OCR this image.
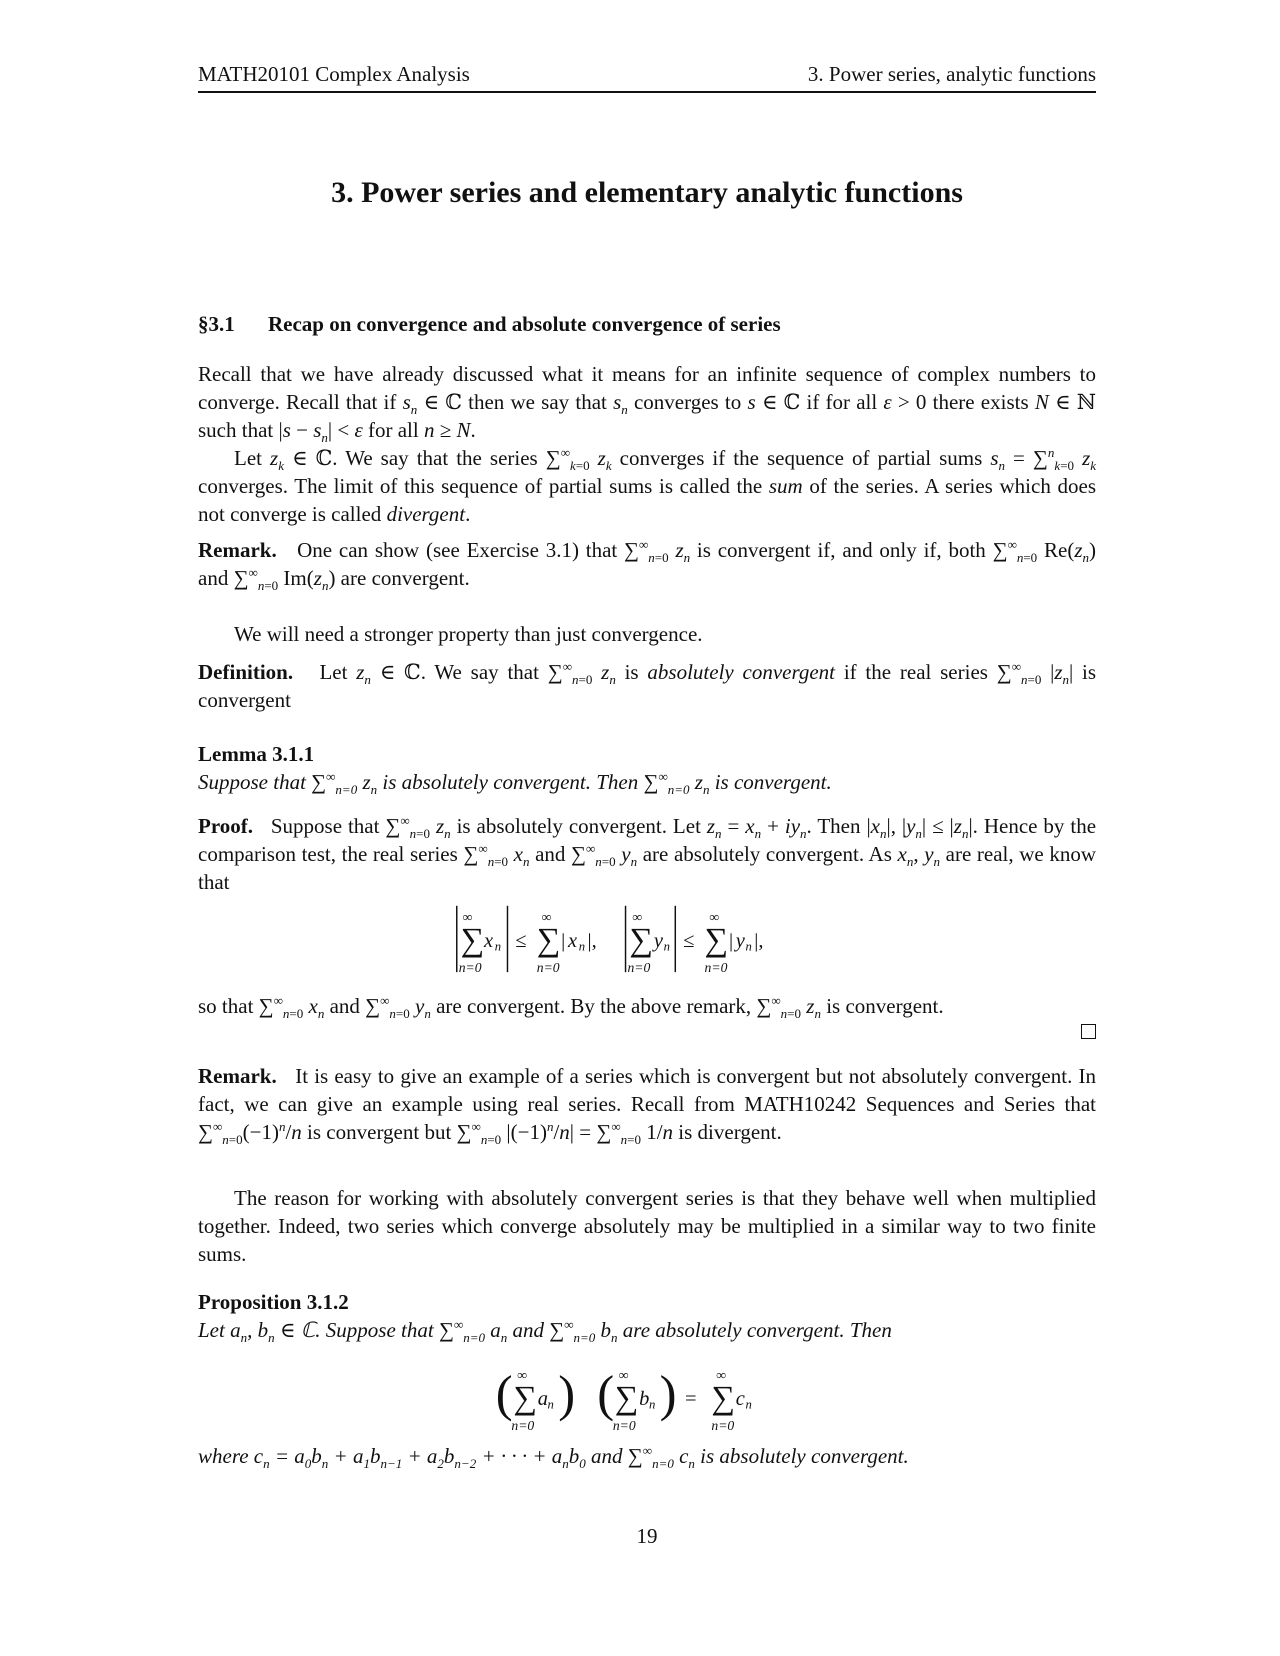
MATH20101 Complex Analysis	3. Power series, analytic functions
3. Power series and elementary analytic functions
§3.1 Recap on convergence and absolute convergence of series
Recall that we have already discussed what it means for an infinite sequence of complex numbers to converge. Recall that if $s_n$ ∈ ℂ then we say that $s_n$ converges to s ∈ ℂ if for all ε > 0 there exists N ∈ ℕ such that $|s - s_n| < \varepsilon$ for all n ≥ N.
Let $z_k$ ∈ ℂ. We say that the series $\sum^\infty_{k=0}$ $z_k$ converges if the sequence of partial sums $s_n = \sum^n_{k=0}$ $z_k$ converges. The limit of this sequence of partial sums is called the sum of the series. A series which does not converge is called divergent.
Remark.   One can show (see Exercise 3.1) that $\sum^\infty_{n=0}$ $z_n$ is convergent if, and only if, both $\sum^\infty_{n=0}$ $Re(z_n)$ and $\sum^\infty_{n=0}$ $Im(z_n)$ are convergent.
We will need a stronger property than just convergence.
Definition.   Let $z_n$ ∈ ℂ. We say that $\sum^\infty_{n=0}$ $z_n$ is absolutely convergent if the real series $\sum^\infty_{n=0}$ $|z_n|$ is convergent
Lemma 3.1.1
Suppose that $\sum^\infty_{n=0}$ $z_n$ is absolutely convergent. Then $\sum^\infty_{n=0}$ $z_n$ is convergent.
Proof.   Suppose that $\sum^\infty_{n=0}$ $z_n$ is absolutely convergent. Let $z_n = x_n + iy_n$. Then $|x_n|$, $|y_n| \le |z_n|$. Hence by the comparison test, the real series $\sum^\infty_{n=0}$ $x_n$ and $\sum^\infty_{n=0}$ $y_n$ are absolutely convergent. As $x_n$, $y_n$ are real, we know that
∞
∑ x n
n=0
≤
∞
∑ | x n |,
n=0
∞
∑ y n
n=0
≤
∞
∑ | y n |,
n=0
so that $\sum^\infty_{n=0}$ $x_n$ and $\sum^\infty_{n=0}$ $y_n$ are convergent. By the above remark, $\sum^\infty_{n=0}$ $z_n$ is convergent.
Remark.   It is easy to give an example of a series which is convergent but not absolutely convergent. In fact, we can give an example using real series. Recall from MATH10242 Sequences and Series that $\sum^\infty_{n=0}(-1)^n/n$ is convergent but $\sum^\infty_{n=0}$ $|(-1)^n/n| = \sum^\infty_{n=0}$ 1/n is divergent.
The reason for working with absolutely convergent series is that they behave well when multiplied together. Indeed, two series which converge absolutely may be multiplied in a similar way to two finite sums.
Proposition 3.1.2
Let $a_n$, $b_n$ ∈ ℂ. Suppose that $\sum^\infty_{n=0}$ $a_n$ and $\sum^\infty_{n=0}$ $b_n$ are absolutely convergent. Then
( ∞
∑ a n )
n=0
( ∞
∑ b n )
n=0
=
∞
∑ c n
n=0
where $c_n = a_0b_n + a_1b_{n-1} + a_2b_{n-2}$ + · · · + $a_nb_0$ and $\sum^\infty_{n=0}$ $c_n$ is absolutely convergent.
19
